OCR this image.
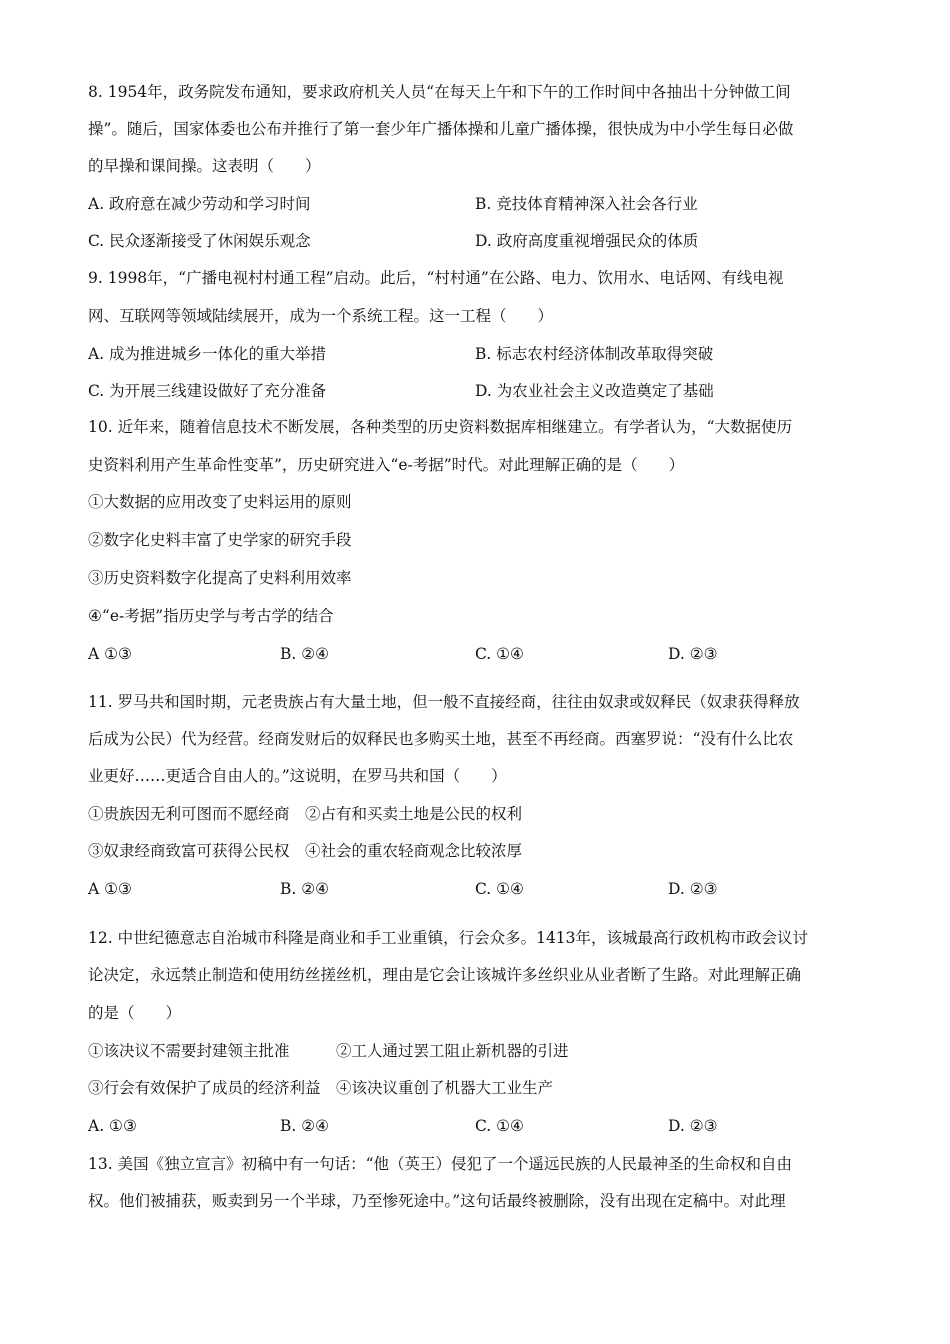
8. 1954年，政务院发布通知，要求政府机关人员“在每天上午和下午的工作时间中各抽出十分钟做工间
操”。随后，国家体委也公布并推行了第一套少年广播体操和儿童广播体操，很快成为中小学生每日必做
的早操和课间操。这表明（　　）
A. 政府意在减少劳动和学习时间	B. 竞技体育精神深入社会各行业
C. 民众逐渐接受了休闲娱乐观念	D. 政府高度重视增强民众的体质
9. 1998年，“广播电视村村通工程”启动。此后，“村村通”在公路、电力、饮用水、电话网、有线电视
网、互联网等领域陆续展开，成为一个系统工程。这一工程（　　）
A. 成为推进城乡一体化的重大举措	B. 标志农村经济体制改革取得突破
C. 为开展三线建设做好了充分准备	D. 为农业社会主义改造奠定了基础
10. 近年来，随着信息技术不断发展，各种类型的历史资料数据库相继建立。有学者认为，“大数据使历
史资料利用产生革命性变革”，历史研究进入“e-考据”时代。对此理解正确的是（　　）
①大数据的应用改变了史料运用的原则
②数字化史料丰富了史学家的研究手段
③历史资料数字化提高了史料利用效率
④“e-考据”指历史学与考古学的结合
A ①③	B. ②④	C. ①④	D. ②③
11. 罗马共和国时期，元老贵族占有大量土地，但一般不直接经商，往往由奴隶或奴释民（奴隶获得释放
后成为公民）代为经营。经商发财后的奴释民也多购买土地，甚至不再经商。西塞罗说：“没有什么比农
业更好……更适合自由人的。”这说明，在罗马共和国（　　）
①贵族因无利可图而不愿经商　②占有和买卖土地是公民的权利
③奴隶经商致富可获得公民权　④社会的重农轻商观念比较浓厚
A ①③	B. ②④	C. ①④	D. ②③
12. 中世纪德意志自治城市科隆是商业和手工业重镇，行会众多。1413年，该城最高行政机构市政会议讨
论决定，永远禁止制造和使用纺丝搓丝机，理由是它会让该城许多丝织业从业者断了生路。对此理解正确
的是（　　）
①该决议不需要封建领主批准　　　②工人通过罢工阻止新机器的引进
③行会有效保护了成员的经济利益　④该决议重创了机器大工业生产
A. ①③	B. ②④	C. ①④	D. ②③
13. 美国《独立宣言》初稿中有一句话：“他（英王）侵犯了一个遥远民族的人民最神圣的生命权和自由
权。他们被捕获，贩卖到另一个半球，乃至惨死途中。”这句话最终被删除，没有出现在定稿中。对此理
